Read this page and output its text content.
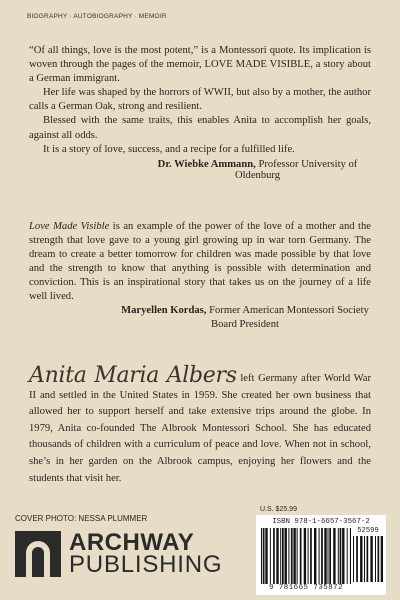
BIOGRAPHY · AUTOBIOGRAPHY · MEMOIR

“Of all things, love is the most potent,” is a Montessori quote. Its implication is woven through the pages of the memoir, LOVE MADE VISIBLE, a story about a German immigrant.

Her life was shaped by the horrors of WWII, but also by a mother, the author calls a German Oak, strong and resilient.

Blessed with the same traits, this enables Anita to accomplish her goals, against all odds.

It is a story of love, success, and a recipe for a fulfilled life.

Dr. Wiebke Ammann, Professor University of Oldenburg

Love Made Visible is an example of the power of the love of a mother and the strength that love gave to a young girl growing up in war torn Germany. The dream to create a better tomorrow for children was made possible by that love and the strength to know that anything is possible with determination and conviction. This is an inspirational story that takes us on the journey of a life well lived.

Maryellen Kordas, Former American Montessori Society Board President

Anita Maria Albers left Germany after World War II and settled in the United States in 1959. She created her own business that allowed her to support herself and take extensive trips around the globe. In 1979, Anita co-founded The Albrook Montessori School. She has educated thousands of children with a curriculum of peace and love. When not in school, she’s in her garden on the Albrook campus, enjoying her flowers and the students that visit her.

COVER PHOTO: NESSA PLUMMER
ARCHWAY
PUBLISHING
U.S. $25.99
ISBN 978-1-6657-3567-2
52599
9 781665 735872
